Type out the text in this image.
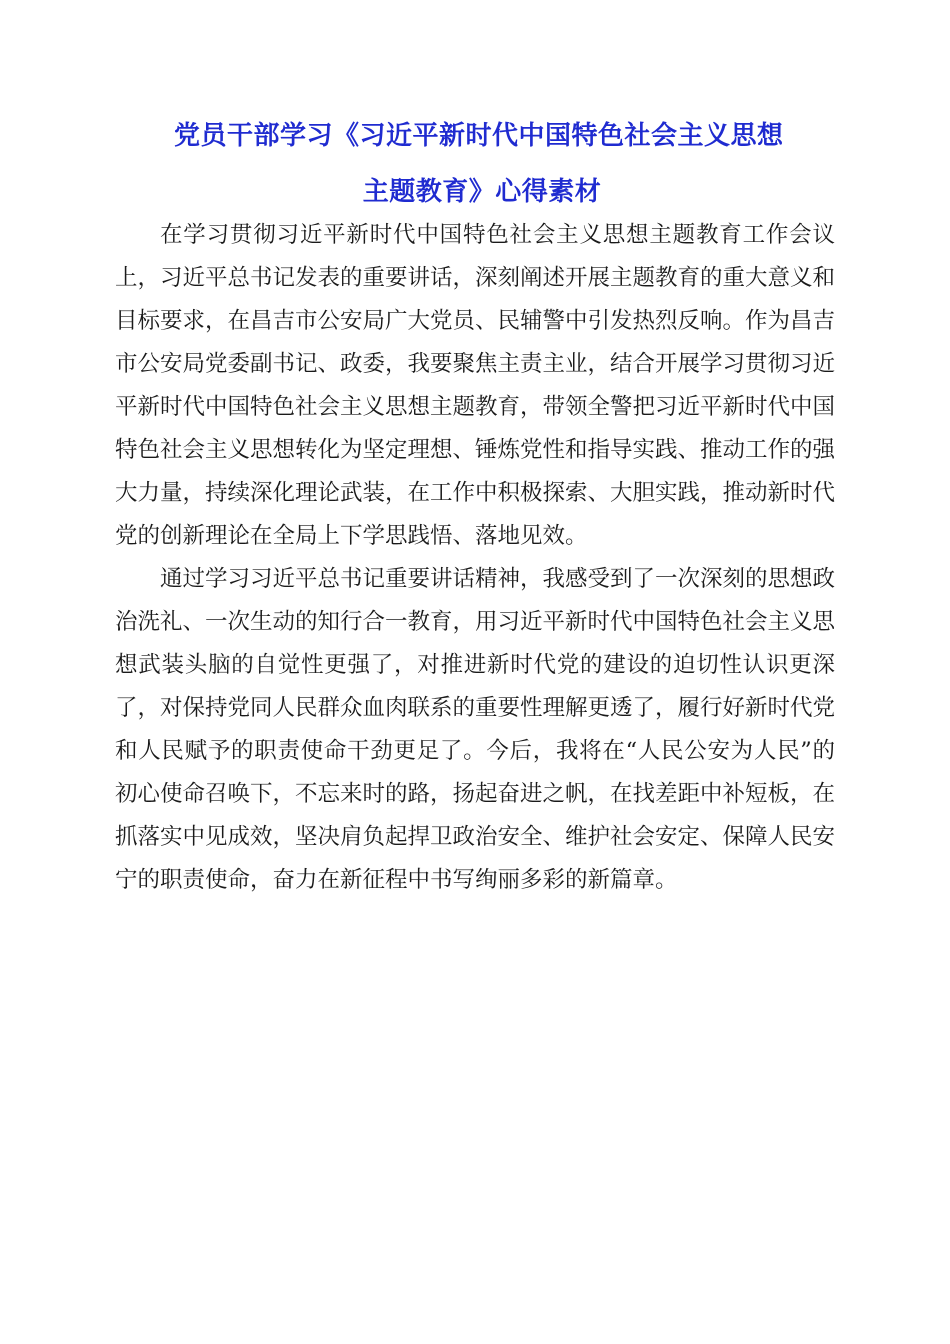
党员干部学习《习近平新时代中国特色社会主义思想
主题教育》心得素材

在学习贯彻习近平新时代中国特色社会主义思想主题教育工作会议上，习近平总书记发表的重要讲话，深刻阐述开展主题教育的重大意义和目标要求，在昌吉市公安局广大党员、民辅警中引发热烈反响。作为昌吉市公安局党委副书记、政委，我要聚焦主责主业，结合开展学习贯彻习近平新时代中国特色社会主义思想主题教育，带领全警把习近平新时代中国特色社会主义思想转化为坚定理想、锤炼党性和指导实践、推动工作的强大力量，持续深化理论武装，在工作中积极探索、大胆实践，推动新时代党的创新理论在全局上下学思践悟、落地见效。

通过学习习近平总书记重要讲话精神，我感受到了一次深刻的思想政治洗礼、一次生动的知行合一教育，用习近平新时代中国特色社会主义思想武装头脑的自觉性更强了，对推进新时代党的建设的迫切性认识更深了，对保持党同人民群众血肉联系的重要性理解更透了，履行好新时代党和人民赋予的职责使命干劲更足了。今后，我将在“人民公安为人民”的初心使命召唤下，不忘来时的路，扬起奋进之帆，在找差距中补短板，在抓落实中见成效，坚决肩负起捍卫政治安全、维护社会安定、保障人民安宁的职责使命，奋力在新征程中书写绚丽多彩的新篇章。
